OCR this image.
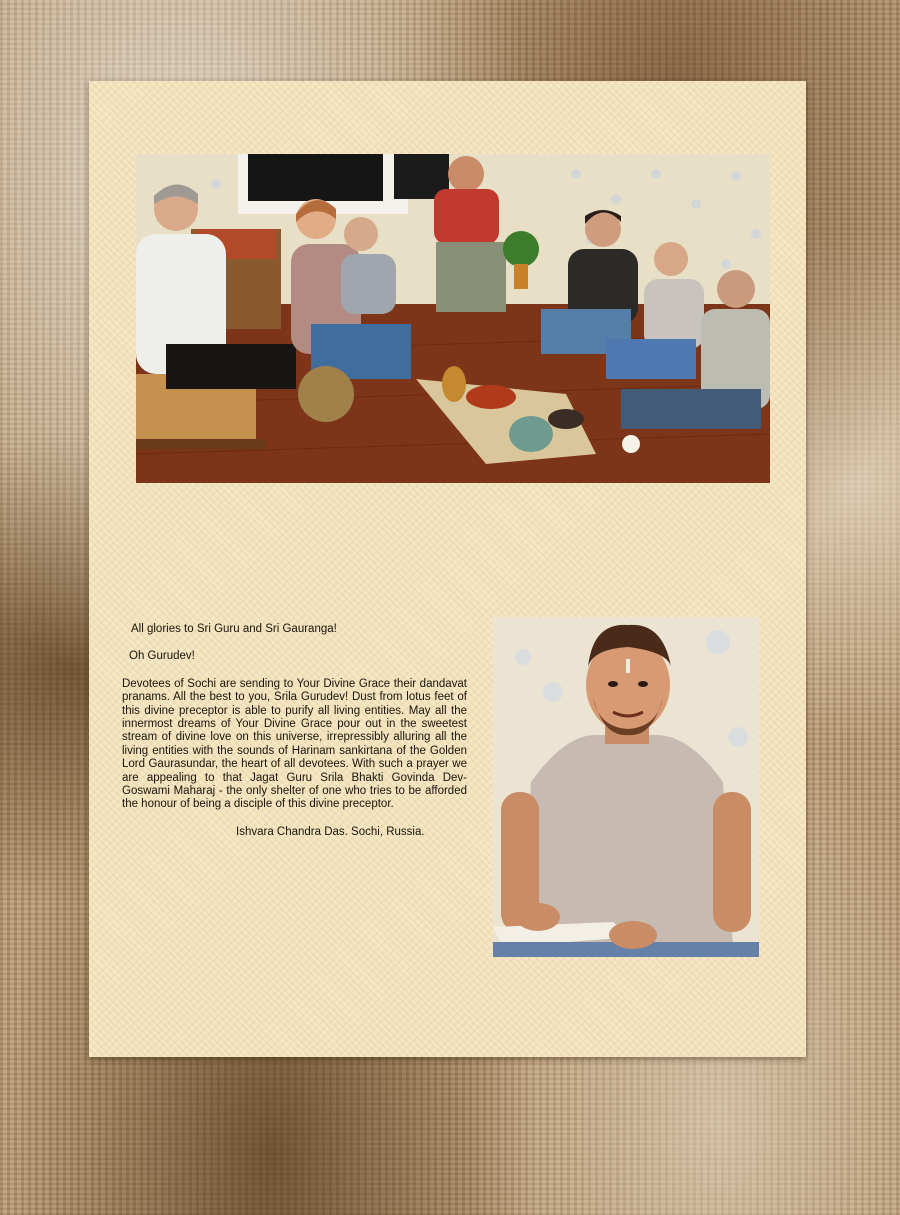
All glories to Sri Guru and Sri Gauranga!

Oh Gurudev!

Devotees of Sochi are sending to Your Divine Grace their dandavat pranams. All the best to you, Srila Gurudev! Dust from lotus feet of this divine preceptor is able to purify all living entities. May all the innermost dreams of Your Divine Grace pour out in the sweetest stream of divine love on this universe, irrepressibly alluring all the living entities with the sounds of Harinam sankirtana of the Golden Lord Gaurasundar, the heart of all devotees. With such a prayer we are appealing to that Jagat Guru Srila Bhakti Govinda Dev-Goswami Maharaj - the only shelter of one who tries to be afforded the honour of being a disciple of this divine preceptor.

Ishvara Chandra Das. Sochi, Russia.
